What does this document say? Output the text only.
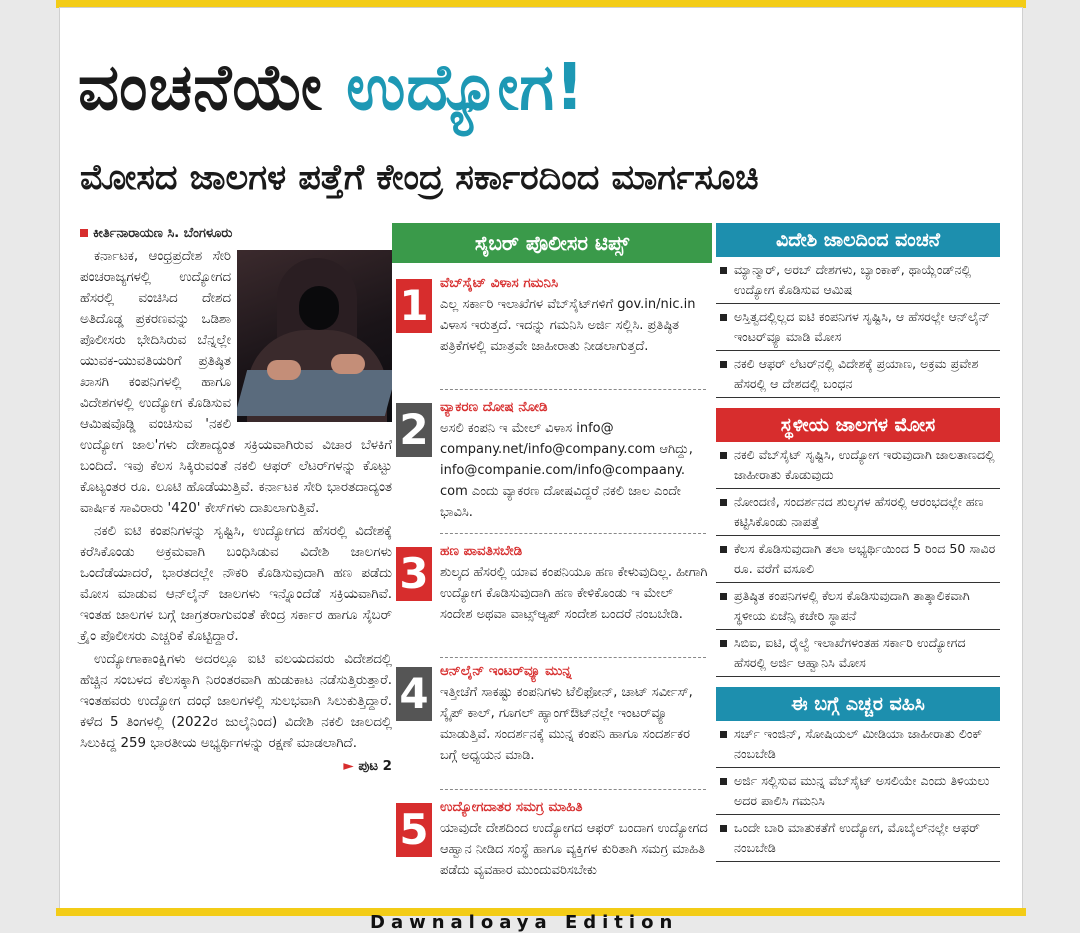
ವಂಚನೆಯೇ ಉದ್ಯೋಗ!
ಮೋಸದ ಜಾಲಗಳ ಪತ್ತೆಗೆ ಕೇಂದ್ರ ಸರ್ಕಾರದಿಂದ ಮಾರ್ಗಸೂಚಿ
ಕೀರ್ತಿನಾರಾಯಣ ಸಿ. ಬೆಂಗಳೂರು

ಕರ್ನಾಟಕ, ಆಂಧ್ರಪ್ರದೇಶ ಸೇರಿ ಪಂಚರಾಜ್ಯಗಳಲ್ಲಿ ಉದ್ಯೋಗದ ಹೆಸರಲ್ಲಿ ವಂಚಿಸಿದ ದೇಶದ ಅತಿದೊಡ್ಡ ಪ್ರಕರಣವನ್ನು ಒಡಿಶಾ ಪೊಲೀಸರು ಭೇದಿಸಿರುವ ಬೆನ್ನಲ್ಲೇ ಯುವಕ-ಯುವತಿಯರಿಗೆ ಪ್ರತಿಷ್ಠಿತ ಖಾಸಗಿ ಕಂಪನಿಗಳಲ್ಲಿ ಹಾಗೂ ವಿದೇಶಗಳಲ್ಲಿ ಉದ್ಯೋಗ ಕೊಡಿಸುವ ಆಮಿಷವೊಡ್ಡಿ ವಂಚಿಸುವ 'ನಕಲಿ ಉದ್ಯೋಗ ಜಾಲ'ಗಳು ದೇಶಾದ್ಯಂತ ಸಕ್ರಿಯವಾಗಿರುವ ವಿಚಾರ ಬೆಳಕಿಗೆ ಬಂದಿದೆ. ಇವು ಕೆಲಸ ಸಿಕ್ಕಿರುವಂತೆ ನಕಲಿ ಆಫರ್ ಲೆಟರ್‌ಗಳನ್ನು ಕೊಟ್ಟು ಕೊಟ್ಯಂತರ ರೂ. ಲೂಟಿ ಹೊಡೆಯುತ್ತಿವೆ. ಕರ್ನಾಟಕ ಸೇರಿ ಭಾರತದಾದ್ಯಂತ ವಾರ್ಷಿಕ ಸಾವಿರಾರು '420' ಕೇಸ್‌ಗಳು ದಾಖಲಾಗುತ್ತಿವೆ.

ನಕಲಿ ಐಟಿ ಕಂಪನಿಗಳನ್ನು ಸೃಷ್ಟಿಸಿ, ಉದ್ಯೋಗದ ಹೆಸರಲ್ಲಿ ವಿದೇಶಕ್ಕೆ ಕರೆಸಿಕೊಂಡು ಅಕ್ರಮವಾಗಿ ಬಂಧಿಸಿಡುವ ವಿದೇಶಿ ಜಾಲಗಳು ಒಂದೆಡೆಯಾದರೆ, ಭಾರತದಲ್ಲೇ ನೌಕರಿ ಕೊಡಿಸುವುದಾಗಿ ಹಣ ಪಡೆದು ಮೋಸ ಮಾಡುವ ಆನ್‌ಲೈನ್ ಜಾಲಗಳು ಇನ್ನೊಂದೆಡೆ ಸಕ್ರಿಯವಾಗಿವೆ. ಇಂತಹ ಜಾಲಗಳ ಬಗ್ಗೆ ಜಾಗ್ರತರಾಗುವಂತೆ ಕೇಂದ್ರ ಸರ್ಕಾರ ಹಾಗೂ ಸೈಬರ್ ಕ್ರೈಂ ಪೊಲೀಸರು ಎಚ್ಚರಿಕೆ ಕೊಟ್ಟಿದ್ದಾರೆ.

ಉದ್ಯೋಗಾಕಾಂಕ್ಷಿಗಳು ಅದರಲ್ಲೂ ಐಟಿ ವಲಯದವರು ವಿದೇಶದಲ್ಲಿ ಹೆಚ್ಚಿನ ಸಂಬಳದ ಕೆಲಸಕ್ಕಾಗಿ ನಿರಂತರವಾಗಿ ಹುಡುಕಾಟ ನಡೆಸುತ್ತಿರುತ್ತಾರೆ. ಇಂತಹವರು ಉದ್ಯೋಗ ದಂಧೆ ಜಾಲಗಳಲ್ಲಿ ಸುಲಭವಾಗಿ ಸಿಲುಕುತ್ತಿದ್ದಾರೆ. ಕಳೆದ 5 ತಿಂಗಳಲ್ಲಿ (2022ರ ಜುಲೈನಿಂದ) ವಿದೇಶಿ ನಕಲಿ ಜಾಲದಲ್ಲಿ ಸಿಲುಕಿದ್ದ 259 ಭಾರತೀಯ ಅಭ್ಯರ್ಥಿಗಳನ್ನು ರಕ್ಷಣೆ ಮಾಡಲಾಗಿದೆ.

► ಪುಟ 2
ಸೈಬರ್ ಪೊಲೀಸರ ಟಿಪ್ಸ್
1 ವೆಬ್‌ಸೈಟ್ ವಿಳಾಸ ಗಮನಿಸಿ
ಎಲ್ಲ ಸರ್ಕಾರಿ ಇಲಾಖೆಗಳ ವೆಬ್‌ಸೈಟ್‌ಗಳಿಗೆ gov.in/nic.in ವಿಳಾಸ ಇರುತ್ತದೆ. ಇದನ್ನು ಗಮನಿಸಿ ಅರ್ಜಿ ಸಲ್ಲಿಸಿ. ಪ್ರತಿಷ್ಠಿತ ಪತ್ರಿಕೆಗಳಲ್ಲಿ ಮಾತ್ರವೇ ಜಾಹೀರಾತು ನೀಡಲಾಗುತ್ತದೆ.
2 ವ್ಯಾಕರಣ ದೋಷ ನೋಡಿ
ಅಸಲಿ ಕಂಪನಿ ಇ ಮೇಲ್ ವಿಳಾಸ info@ company.net/info@company.com ಆಗಿದ್ದು, info@companie.com/info@compaany. com ಎಂದು ವ್ಯಾಕರಣ ದೋಷವಿದ್ದರೆ ನಕಲಿ ಜಾಲ ಎಂದೇ ಭಾವಿಸಿ.
3 ಹಣ ಪಾವತಿಸಬೇಡಿ
ಶುಲ್ಕದ ಹೆಸರಲ್ಲಿ ಯಾವ ಕಂಪನಿಯೂ ಹಣ ಕೇಳುವುದಿಲ್ಲ. ಹೀಗಾಗಿ ಉದ್ಯೋಗ ಕೊಡಿಸುವುದಾಗಿ ಹಣ ಕೇಳಿಕೊಂಡು ಇ ಮೇಲ್ ಸಂದೇಶ ಅಥವಾ ವಾಟ್ಸ್‌ಆ್ಯಪ್ ಸಂದೇಶ ಬಂದರೆ ನಂಬಬೇಡಿ.
4 ಆನ್‌ಲೈನ್ ಇಂಟರ್‌ವ್ಯೂ ಮುನ್ನ
ಇತ್ತೀಚೆಗೆ ಸಾಕಷ್ಟು ಕಂಪನಿಗಳು ಟೆಲಿಫೋನ್, ಚಾಟ್ ಸರ್ವೀಸ್, ಸ್ಕೈಪ್ ಕಾಲ್, ಗೂಗಲ್ ಹ್ಯಾಂಗ್‌ಔಟ್‌ನಲ್ಲೇ ಇಂಟರ್‌ವ್ಯೂ ಮಾಡುತ್ತಿವೆ. ಸಂದರ್ಶನಕ್ಕೆ ಮುನ್ನ ಕಂಪನಿ ಹಾಗೂ ಸಂದರ್ಶಕರ ಬಗ್ಗೆ ಅಧ್ಯಯನ ಮಾಡಿ.
5 ಉದ್ಯೋಗದಾತರ ಸಮಗ್ರ ಮಾಹಿತಿ
ಯಾವುದೇ ದೇಶದಿಂದ ಉದ್ಯೋಗದ ಆಫರ್ ಬಂದಾಗ ಉದ್ಯೋಗದ ಆಹ್ವಾನ ನೀಡಿದ ಸಂಸ್ಥೆ ಹಾಗೂ ವ್ಯಕ್ತಿಗಳ ಕುರಿತಾಗಿ ಸಮಗ್ರ ಮಾಹಿತಿ ಪಡೆದು ವ್ಯವಹಾರ ಮುಂದುವರಿಸಬೇಕು
ವಿದೇಶಿ ಜಾಲದಿಂದ ವಂಚನೆ
ಮ್ಯಾನ್ಮಾರ್, ಅರಬ್ ದೇಶಗಳು, ಬ್ಯಾಂಕಾಕ್, ಥಾಯ್ಲೆಂಡ್‌ನಲ್ಲಿ ಉದ್ಯೋಗ ಕೊಡಿಸುವ ಆಮಿಷ
ಅಸ್ತಿತ್ವದಲ್ಲಿಲ್ಲದ ಐಟಿ ಕಂಪನಿಗಳ ಸೃಷ್ಟಿಸಿ, ಆ ಹೆಸರಲ್ಲೇ ಆನ್‌ಲೈನ್ ಇಂಟರ್‌ವ್ಯೂ ಮಾಡಿ ಮೋಸ
ನಕಲಿ ಆಫರ್ ಲೆಟರ್‌ನಲ್ಲಿ ವಿದೇಶಕ್ಕೆ ಪ್ರಯಾಣ, ಅಕ್ರಮ ಪ್ರವೇಶ ಹೆಸರಲ್ಲಿ ಆ ದೇಶದಲ್ಲಿ ಬಂಧನ
ಸ್ಥಳೀಯ ಜಾಲಗಳ ಮೋಸ
ನಕಲಿ ವೆಬ್‌ಸೈಟ್ ಸೃಷ್ಟಿಸಿ, ಉದ್ಯೋಗ ಇರುವುದಾಗಿ ಜಾಲತಾಣದಲ್ಲಿ ಜಾಹೀರಾತು ಕೊಡುವುದು
ನೋಂದಣಿ, ಸಂದರ್ಶನದ ಶುಲ್ಕಗಳ ಹೆಸರಲ್ಲಿ ಆರಂಭದಲ್ಲೇ ಹಣ ಕಟ್ಟಿಸಿಕೊಂಡು ನಾಪತ್ತೆ
ಕೆಲಸ ಕೊಡಿಸುವುದಾಗಿ ತಲಾ ಅಭ್ಯರ್ಥಿಯಿಂದ 5 ರಿಂದ 50 ಸಾವಿರ ರೂ. ವರೆಗೆ ವಸೂಲಿ
ಪ್ರತಿಷ್ಠಿತ ಕಂಪನಿಗಳಲ್ಲಿ ಕೆಲಸ ಕೊಡಿಸುವುದಾಗಿ ತಾತ್ಕಾಲಿಕವಾಗಿ ಸ್ಥಳೀಯ ಏಜೆನ್ಸಿ ಕಚೇರಿ ಸ್ಥಾಪನೆ
ಸಿಬಿಐ, ಐಟಿ, ರೈಲ್ವೆ ಇಲಾಖೆಗಳಂತಹ ಸರ್ಕಾರಿ ಉದ್ಯೋಗದ ಹೆಸರಲ್ಲಿ ಅರ್ಜಿ ಆಹ್ವಾನಿಸಿ ಮೋಸ
ಈ ಬಗ್ಗೆ ಎಚ್ಚರ ವಹಿಸಿ
ಸರ್ಚ್ ಇಂಜಿನ್, ಸೋಷಿಯಲ್ ಮೀಡಿಯಾ ಜಾಹೀರಾತು ಲಿಂಕ್ ನಂಬಬೇಡಿ
ಅರ್ಜಿ ಸಲ್ಲಿಸುವ ಮುನ್ನ ವೆಬ್‌ಸೈಟ್ ಅಸಲಿಯೇ ಎಂದು ತಿಳಿಯಲು ಅದರ ಪಾಲಿಸಿ ಗಮನಿಸಿ
ಒಂದೇ ಬಾರಿ ಮಾತುಕತೆಗೆ ಉದ್ಯೋಗ, ಮೊಬೈಲ್‌ನಲ್ಲೇ ಆಫರ್ ನಂಬಬೇಡಿ
Dawnaloaya Edition
